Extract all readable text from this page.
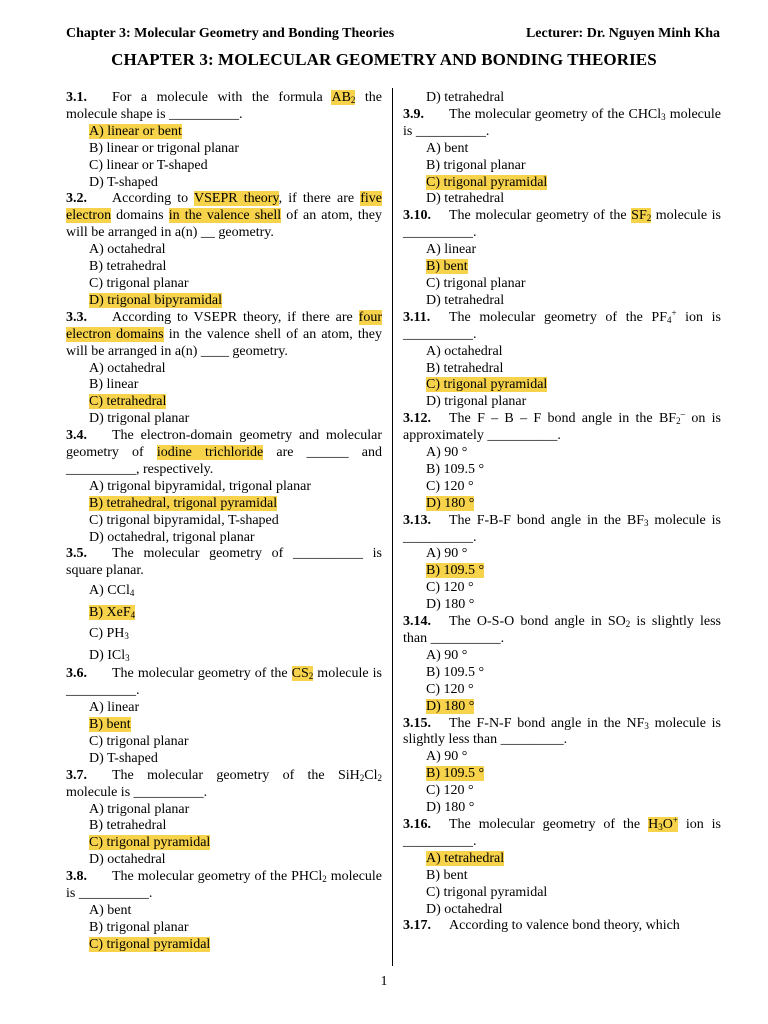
Chapter 3: Molecular Geometry and Bonding Theories	Lecturer: Dr. Nguyen Minh Kha
CHAPTER 3: MOLECULAR GEOMETRY AND BONDING THEORIES
3.1. For a molecule with the formula $AB_2$ the molecule shape is __________.
A) linear or bent
B) linear or trigonal planar
C) linear or T-shaped
D) T-shaped
3.2. According to VSEPR theory, if there are five electron domains in the valence shell of an atom, they will be arranged in a(n) __ geometry.
A) octahedral
B) tetrahedral
C) trigonal planar
D) trigonal bipyramidal
3.3. According to VSEPR theory, if there are four electron domains in the valence shell of an atom, they will be arranged in a(n) ____ geometry.
A) octahedral
B) linear
C) tetrahedral
D) trigonal planar
3.4. The electron-domain geometry and molecular geometry of iodine trichloride are ______ and __________, respectively.
A) trigonal bipyramidal, trigonal planar
B) tetrahedral, trigonal pyramidal
C) trigonal bipyramidal, T-shaped
D) octahedral, trigonal planar
3.5. The molecular geometry of __________ is square planar.
A) CCl$_4$
B) XeF$_4$
C) $PH_3$
D) ICl$_3$
3.6. The molecular geometry of the $CS_2$ molecule is __________.
A) linear
B) bent
C) trigonal planar
D) T-shaped
3.7. The molecular geometry of the $SiH_2Cl_2$ molecule is __________.
A) trigonal planar
B) tetrahedral
C) trigonal pyramidal
D) octahedral
3.8. The molecular geometry of the PHCl$_2$ molecule is __________.
A) bent
B) trigonal planar
C) trigonal pyramidal
D) tetrahedral
3.9. The molecular geometry of the CHCl$_3$ molecule is __________.
A) bent
B) trigonal planar
C) trigonal pyramidal
D) tetrahedral
3.10. The molecular geometry of the $SF_2$ molecule is __________.
A) linear
B) bent
C) trigonal planar
D) tetrahedral
3.11. The molecular geometry of the $PF_4^+$ ion is __________.
A) octahedral
B) tetrahedral
C) trigonal pyramidal
D) trigonal planar
3.12. The F – B – F bond angle in the $BF_2^-$ on is approximately __________.
A) 90 °
B) 109.5 °
C) 120 °
D) 180 °
3.13. The F-B-F bond angle in the $BF_3$ molecule is __________.
A) 90 °
B) 109.5 °
C) 120 °
D) 180 °
3.14. The O-S-O bond angle in $SO_2$ is slightly less than __________.
A) 90 °
B) 109.5 °
C) 120 °
D) 180 °
3.15. The F-N-F bond angle in the $NF_3$ molecule is slightly less than _________.
A) 90 °
B) 109.5 °
C) 120 °
D) 180 °
3.16. The molecular geometry of the $H_3O^+$ ion is __________.
A) tetrahedral
B) bent
C) trigonal pyramidal
D) octahedral
3.17. According to valence bond theory, which
1
